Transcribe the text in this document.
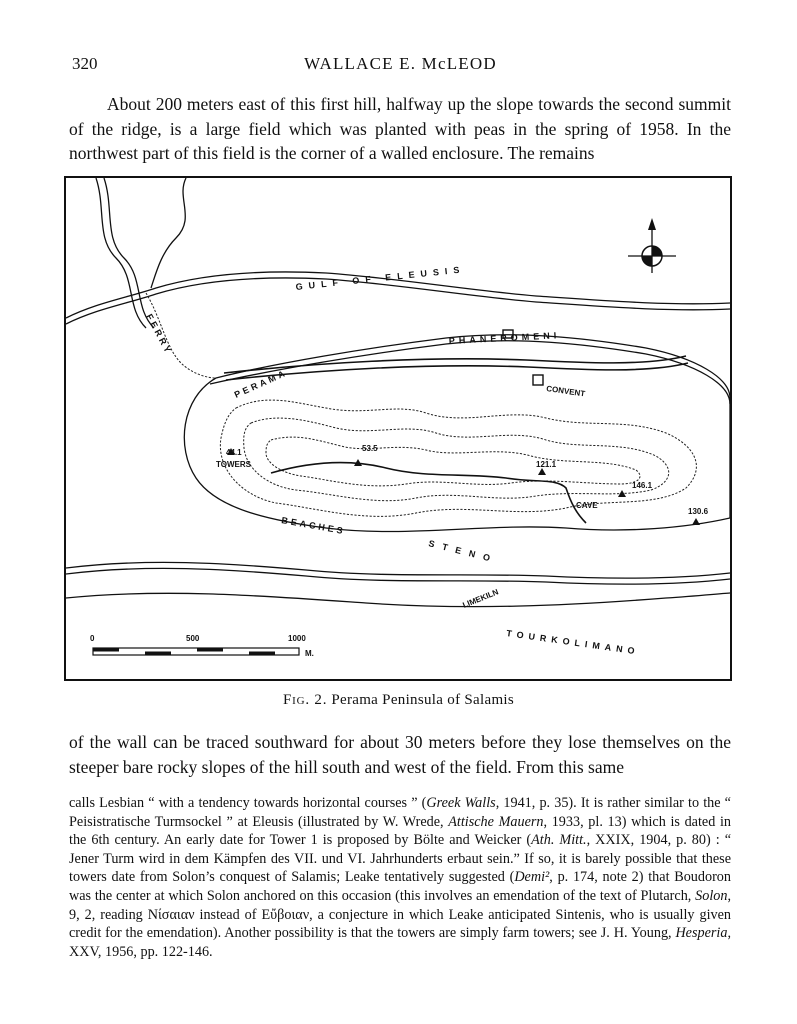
320	WALLACE E. McLEOD

About 200 meters east of this first hill, halfway up the slope towards the second summit of the ridge, is a large field which was planted with peas in the spring of 1958. In the northwest part of this field is the corner of a walled enclosure. The remains

GULF OF ELEUSIS
FERRY	PHANEROMENI
PERAMA	CONVENT
TOWERS
CAVE
BEACHES
STENO
LIMEKILN
TOURKOLIMANO
44.1	53.5
121.1
146.1
130.6
0	500	1000
M.
Fig. 2. Perama Peninsula of Salamis

of the wall can be traced southward for about 30 meters before they lose themselves on the steeper bare rocky slopes of the hill south and west of the field. From this same

calls Lesbian “ with a tendency towards horizontal courses ” (Greek Walls, 1941, p. 35). It is rather similar to the “ Peisistratische Turmsockel ” at Eleusis (illustrated by W. Wrede, Attische Mauern, 1933, pl. 13) which is dated in the 6th century. An early date for Tower 1 is proposed by Bölte and Weicker (Ath. Mitt., XXIX, 1904, p. 80) : “ Jener Turm wird in dem Kämpfen des VII. und VI. Jahrhunderts erbaut sein.” If so, it is barely possible that these towers date from Solon’s conquest of Salamis; Leake tentatively suggested (Demi², p. 174, note 2) that Boudoron was the center at which Solon anchored on this occasion (this involves an emendation of the text of Plutarch, Solon, 9, 2, reading Νίσαιαν instead of Εὔβοιαν, a conjecture in which Leake anticipated Sintenis, who is usually given credit for the emendation). Another possibility is that the towers are simply farm towers; see J. H. Young, Hesperia, XXV, 1956, pp. 122-146.
